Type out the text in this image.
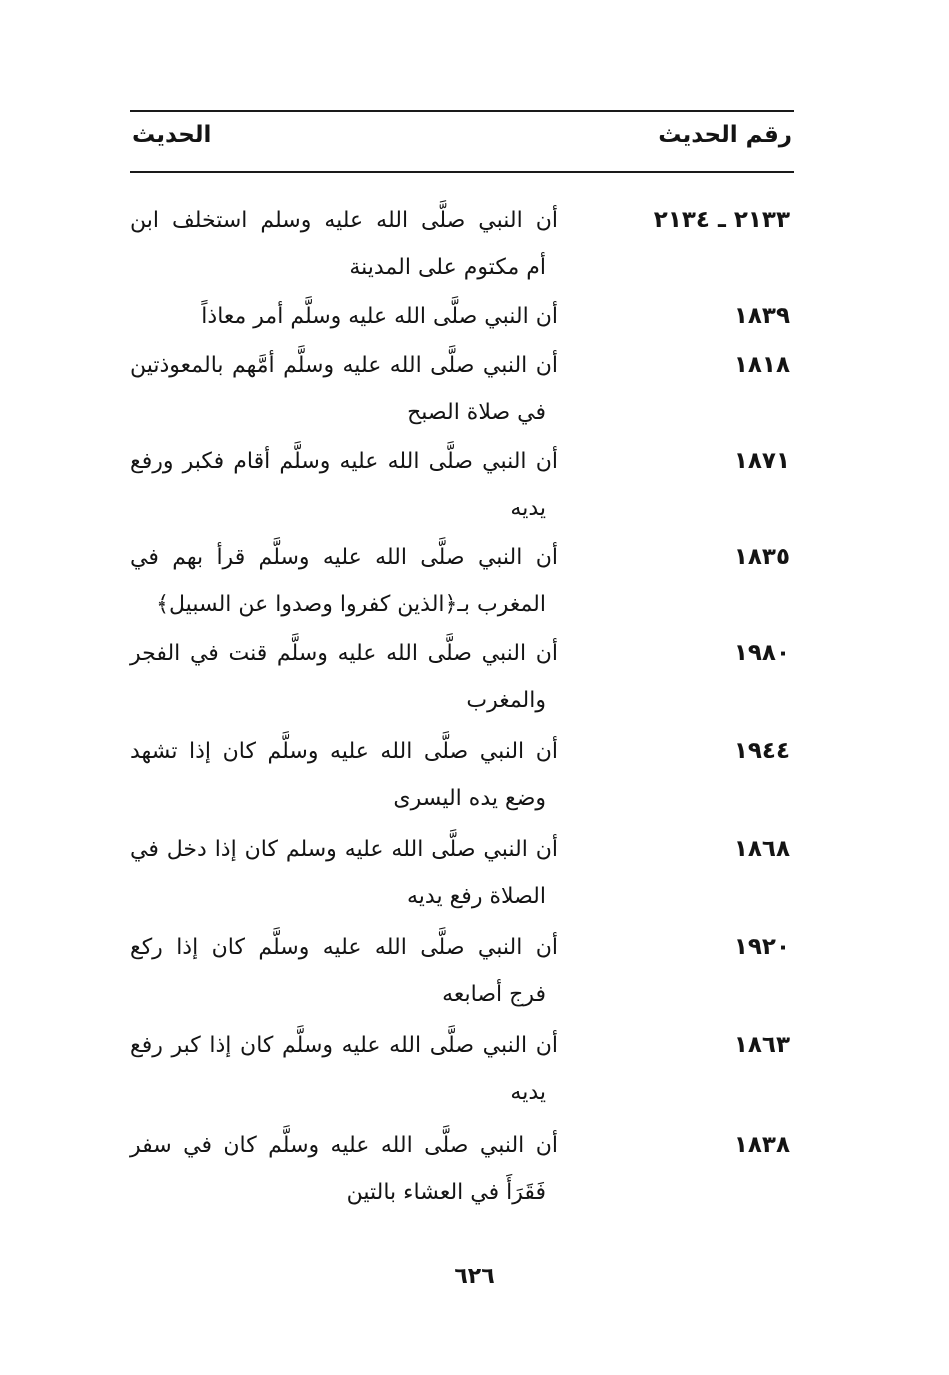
رقم الحديث
الحديث
٢١٣٣ ـ ٢١٣٤
أن النبي صلَّى الله عليه وسلم استخلف ابن
أم مكتوم على المدينة
١٨٣٩
أن النبي صلَّى الله عليه وسلَّم أمر معاذاً
١٨١٨
أن النبي صلَّى الله عليه وسلَّم أمَّهم بالمعوذتين
في صلاة الصبح
١٨٧١
أن النبي صلَّى الله عليه وسلَّم أقام فكبر ورفع
يديه
١٨٣٥
أن النبي صلَّى الله عليه وسلَّم قرأ بهم في
المغرب بـ﴿الذين كفروا وصدوا عن السبيل﴾
١٩٨٠
أن النبي صلَّى الله عليه وسلَّم قنت في الفجر
والمغرب
١٩٤٤
أن النبي صلَّى الله عليه وسلَّم كان إذا تشهد
وضع يده اليسرى
١٨٦٨
أن النبي صلَّى الله عليه وسلم كان إذا دخل في
الصلاة رفع يديه
١٩٢٠
أن النبي صلَّى الله عليه وسلَّم كان إذا ركع
فرج أصابعه
١٨٦٣
أن النبي صلَّى الله عليه وسلَّم كان إذا كبر رفع
يديه
١٨٣٨
أن النبي صلَّى الله عليه وسلَّم كان في سفر
فَقَرَأَ في العشاء بالتين
٦٢٦
